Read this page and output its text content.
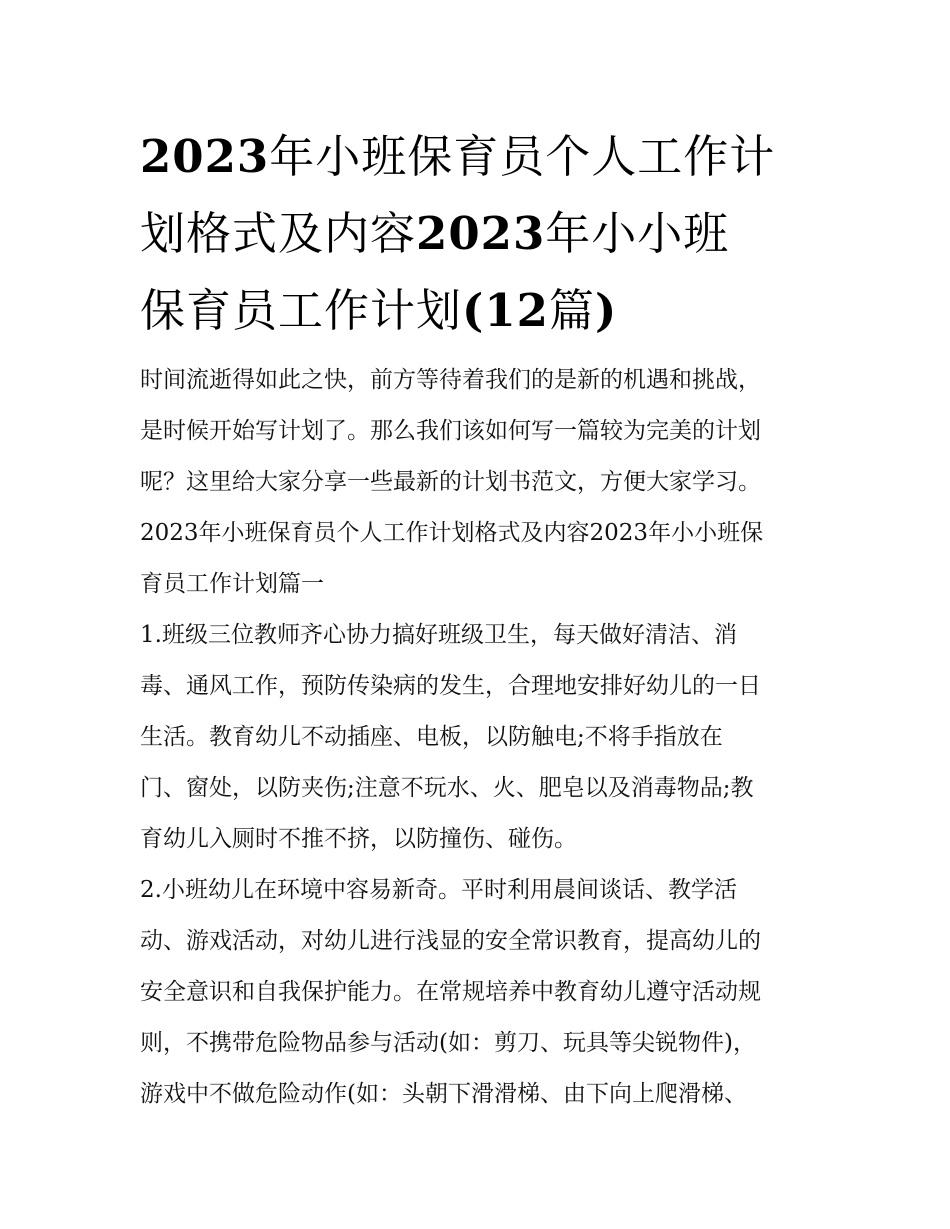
2023年小班保育员个人工作计
划格式及内容2023年小小班
保育员工作计划(12篇)

时间流逝得如此之快，前方等待着我们的是新的机遇和挑战，
是时候开始写计划了。那么我们该如何写一篇较为完美的计划
呢？这里给大家分享一些最新的计划书范文，方便大家学习。

2023年小班保育员个人工作计划格式及内容2023年小小班保
育员工作计划篇一

1.班级三位教师齐心协力搞好班级卫生，每天做好清洁、消
毒、通风工作，预防传染病的发生，合理地安排好幼儿的一日
生活。教育幼儿不动插座、电板，以防触电;不将手指放在
门、窗处，以防夹伤;注意不玩水、火、肥皂以及消毒物品;教
育幼儿入厕时不推不挤，以防撞伤、碰伤。

2.小班幼儿在环境中容易新奇。平时利用晨间谈话、教学活
动、游戏活动，对幼儿进行浅显的安全常识教育，提高幼儿的
安全意识和自我保护能力。在常规培养中教育幼儿遵守活动规
则，不携带危险物品参与活动(如：剪刀、玩具等尖锐物件)，
游戏中不做危险动作(如：头朝下滑滑梯、由下向上爬滑梯、
